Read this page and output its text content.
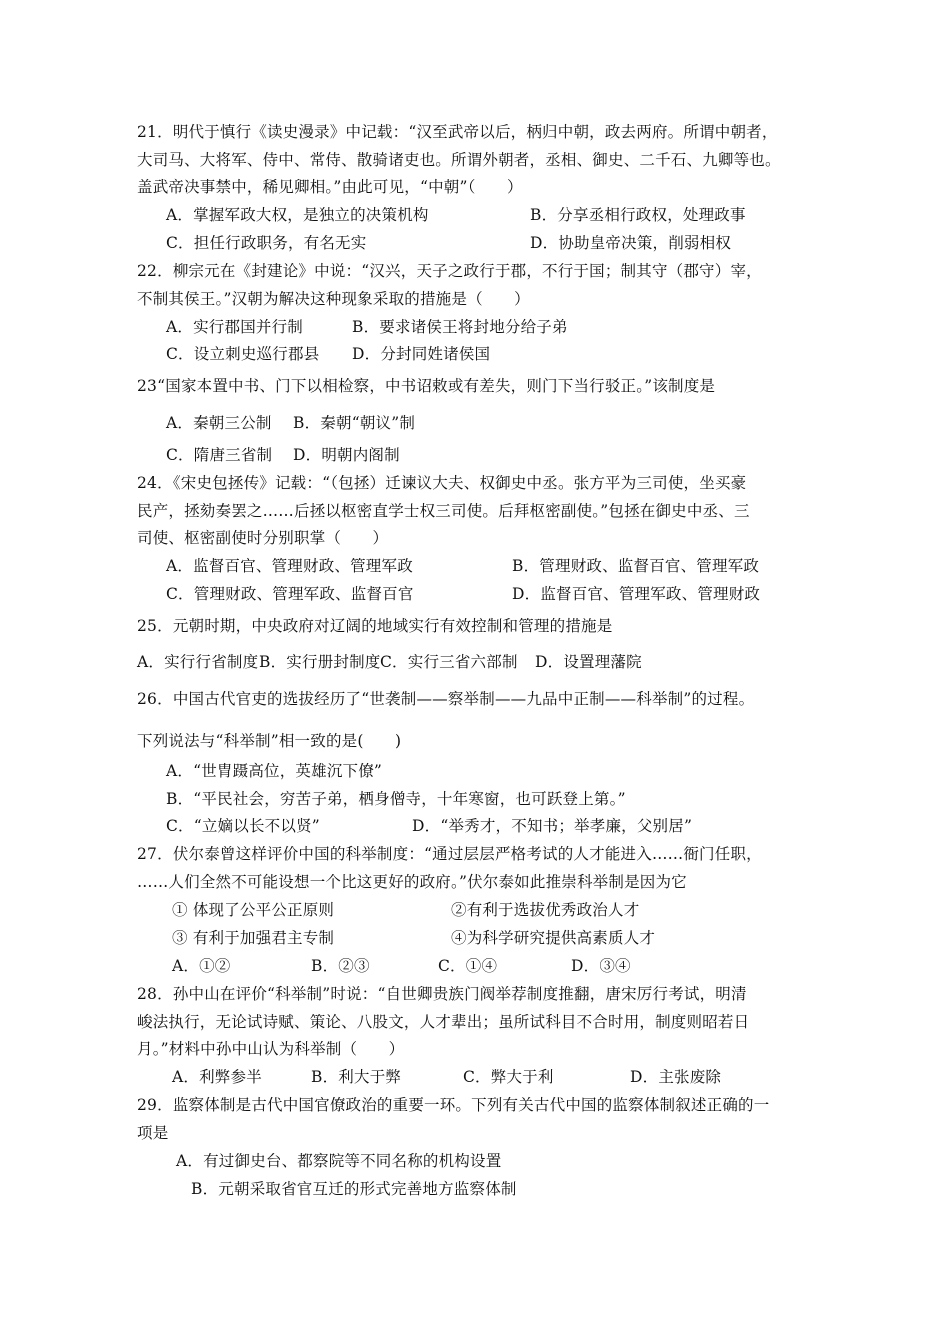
21．明代于慎行《读史漫录》中记载：“汉至武帝以后，柄归中朝，政去两府。所谓中朝者，
大司马、大将军、侍中、常侍、散骑诸吏也。所谓外朝者，丞相、御史、二千石、九卿等也。
盖武帝决事禁中，稀见卿相。”由此可见，“中朝”（　　）
A．掌握军政大权，是独立的决策机构	B．分享丞相行政权，处理政事
C．担任行政职务，有名无实	D．协助皇帝决策，削弱相权
22．柳宗元在《封建论》中说：“汉兴，天子之政行于郡，不行于国；制其守（郡守）宰，
不制其侯王。”汉朝为解决这种现象采取的措施是（　　）
A．实行郡国并行制	B．要求诸侯王将封地分给子弟
C．设立刺史巡行郡县 D．分封同姓诸侯国
23“国家本置中书、门下以相检察，中书诏敕或有差失，则门下当行驳正。”该制度是
A．秦朝三公制 B．秦朝“朝议”制
C．隋唐三省制 D．明朝内阁制
24．《宋史包拯传》记载：“（包拯）迁谏议大夫、权御史中丞。张方平为三司使，坐买豪
民产，拯劾奏罢之……后拯以枢密直学士权三司使。后拜枢密副使。”包拯在御史中丞、三
司使、枢密副使时分别职掌（　　）
A．监督百官、管理财政、管理军政	B．管理财政、监督百官、管理军政
C．管理财政、管理军政、监督百官	D．监督百官、管理军政、管理财政
25．元朝时期，中央政府对辽阔的地域实行有效控制和管理的措施是
A．实行行省制度 B．实行册封制度 C．实行三省六部制 D．设置理藩院
26．中国古代官吏的选拔经历了“世袭制——察举制——九品中正制——科举制”的过程。
下列说法与“科举制”相一致的是(　　)
A．“世胄蹑高位，英雄沉下僚”
B．“平民社会，穷苦子弟，栖身僧寺，十年寒窗，也可跃登上第。”
C．“立嫡以长不以贤”	D．“举秀才，不知书；举孝廉，父别居”
27．伏尔泰曾这样评价中国的科举制度：“通过层层严格考试的人才能进入……衙门任职，
……人们全然不可能设想一个比这更好的政府。”伏尔泰如此推崇科举制是因为它
① 体现了公平公正原则	②有利于选拔优秀政治人才
③ 有利于加强君主专制	④为科学研究提供高素质人才
A．①②	B．②③	C．①④	D．③④
28．孙中山在评价“科举制”时说：“自世卿贵族门阀举荐制度推翻，唐宋厉行考试，明清
峻法执行，无论试诗赋、策论、八股文，人才辈出；虽所试科目不合时用，制度则昭若日
月。”材料中孙中山认为科举制（　　）
A．利弊参半	B．利大于弊	C．弊大于利	D．主张废除
29．监察体制是古代中国官僚政治的重要一环。下列有关古代中国的监察体制叙述正确的一
项是
A．有过御史台、都察院等不同名称的机构设置
B．元朝采取省官互迁的形式完善地方监察体制
